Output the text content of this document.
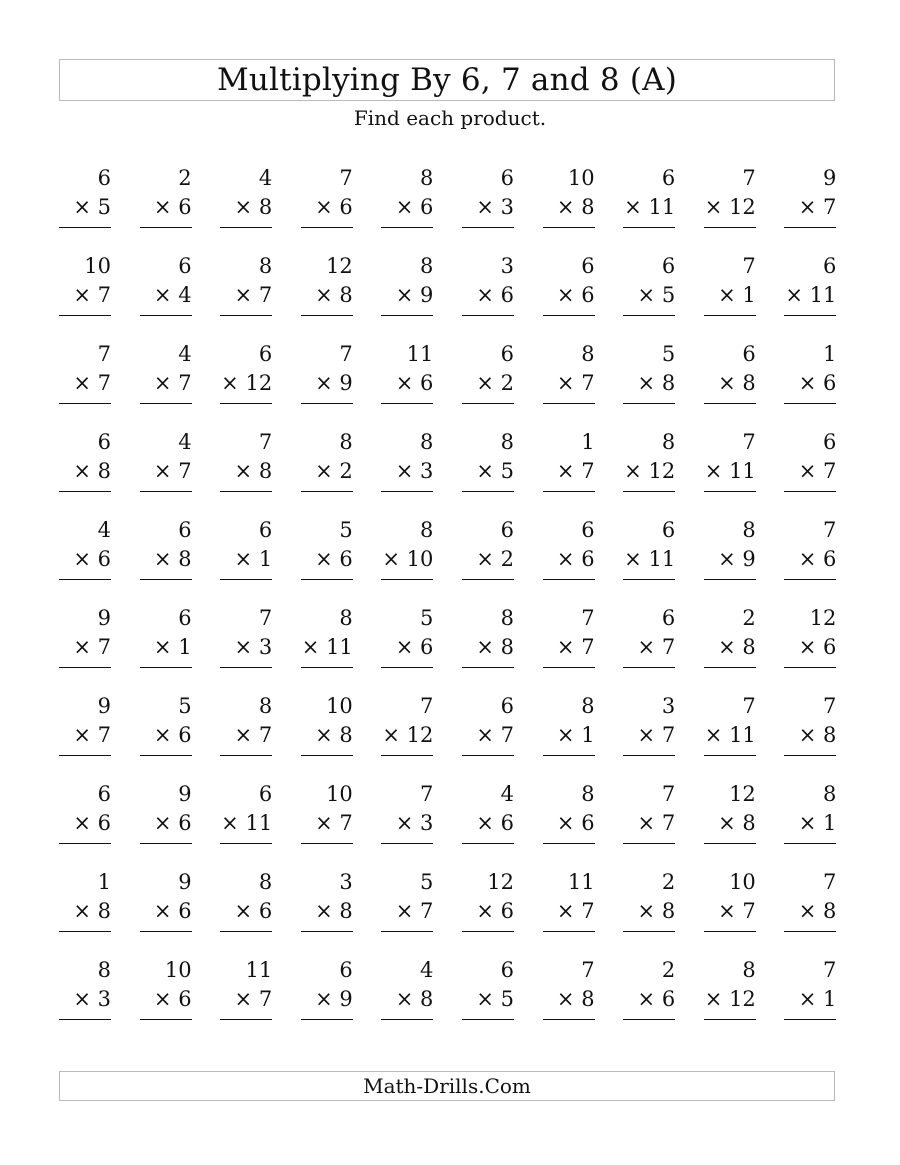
Multiplying By 6, 7 and 8 (A)
Find each product.
6
× 5
2
× 6
4
× 8
7
× 6
8
× 6
6
× 3
10
× 8
6
× 11
7
× 12
9
× 7
10
× 7
6
× 4
8
× 7
12
× 8
8
× 9
3
× 6
6
× 6
6
× 5
7
× 1
6
× 11
7
× 7
4
× 7
6
× 12
7
× 9
11
× 6
6
× 2
8
× 7
5
× 8
6
× 8
1
× 6
6
× 8
4
× 7
7
× 8
8
× 2
8
× 3
8
× 5
1
× 7
8
× 12
7
× 11
6
× 7
4
× 6
6
× 8
6
× 1
5
× 6
8
× 10
6
× 2
6
× 6
6
× 11
8
× 9
7
× 6
9
× 7
6
× 1
7
× 3
8
× 11
5
× 6
8
× 8
7
× 7
6
× 7
2
× 8
12
× 6
9
× 7
5
× 6
8
× 7
10
× 8
7
× 12
6
× 7
8
× 1
3
× 7
7
× 11
7
× 8
6
× 6
9
× 6
6
× 11
10
× 7
7
× 3
4
× 6
8
× 6
7
× 7
12
× 8
8
× 1
1
× 8
9
× 6
8
× 6
3
× 8
5
× 7
12
× 6
11
× 7
2
× 8
10
× 7
7
× 8
8
× 3
10
× 6
11
× 7
6
× 9
4
× 8
6
× 5
7
× 8
2
× 6
8
× 12
7
× 1
Math-Drills.Com
